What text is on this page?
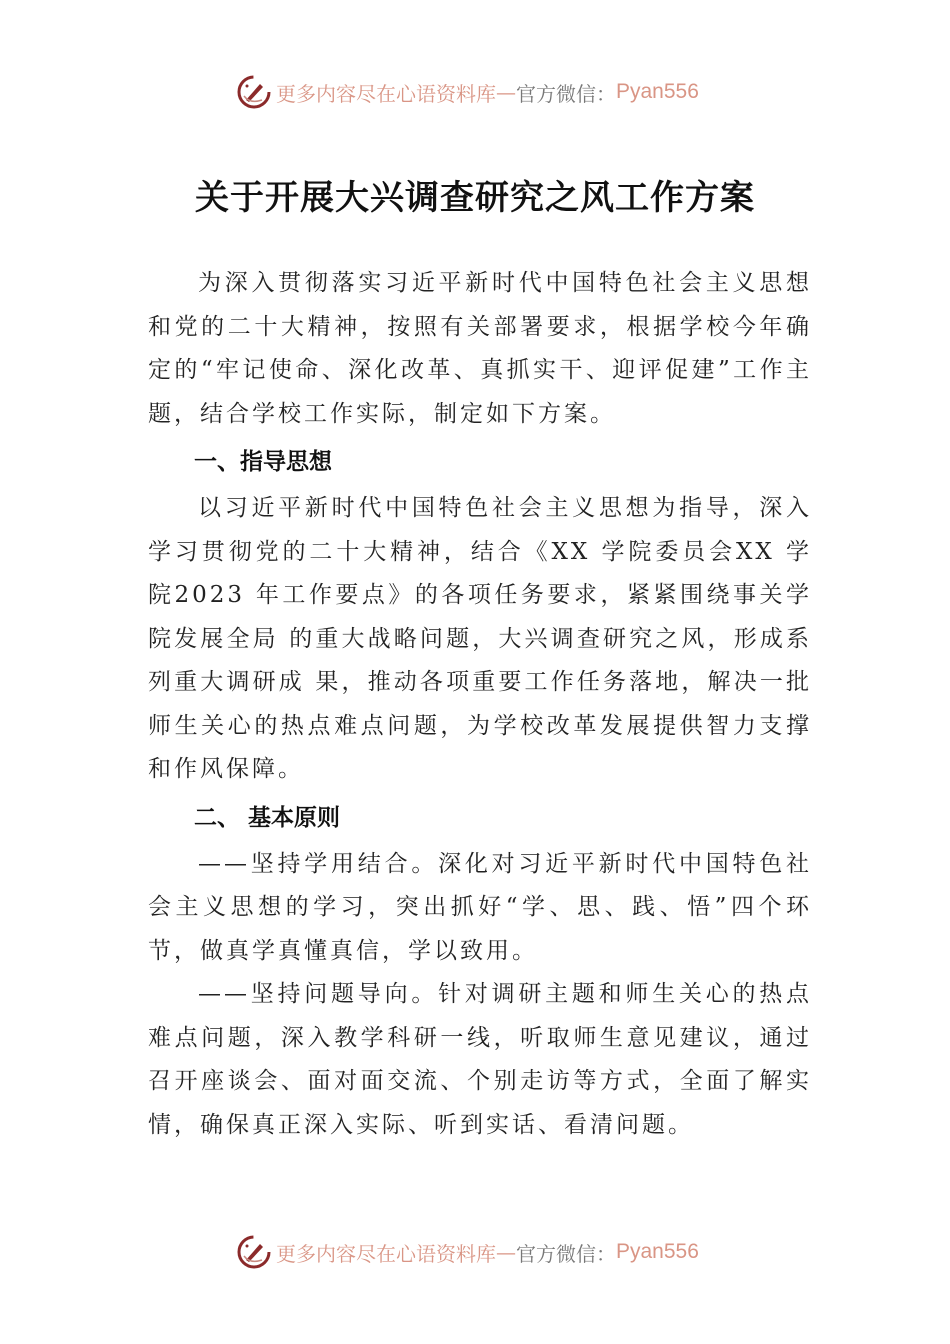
更多内容尽在心语资料库 — 官方微信： Pyan556
关于开展大兴调查研究之风工作方案

为深入贯彻落实习近平新时代中国特色社会主义思想和党的二十大精神，按照有关部署要求，根据学校今年确定的“牢记使命、深化改革、真抓实干、迎评促建”工作主题，结合学校工作实际，制定如下方案。

一、指导思想

以习近平新时代中国特色社会主义思想为指导，深入学习贯彻党的二十大精神，结合《XX 学院委员会XX 学院2023 年工作要点》的各项任务要求，紧紧围绕事关学院发展全局 的重大战略问题，大兴调查研究之风，形成系列重大调研成 果，推动各项重要工作任务落地，解决一批师生关心的热点难点问题，为学校改革发展提供智力支撑和作风保障。

二、 基本原则

——坚持学用结合。深化对习近平新时代中国特色社会主义思想的学习，突出抓好“学、思、践、悟”四个环节，做真学真懂真信，学以致用。

——坚持问题导向。针对调研主题和师生关心的热点难点问题，深入教学科研一线，听取师生意见建议，通过召开座谈会、面对面交流、个别走访等方式，全面了解实情，确保真正深入实际、听到实话、看清问题。

更多内容尽在心语资料库 — 官方微信： Pyan556
